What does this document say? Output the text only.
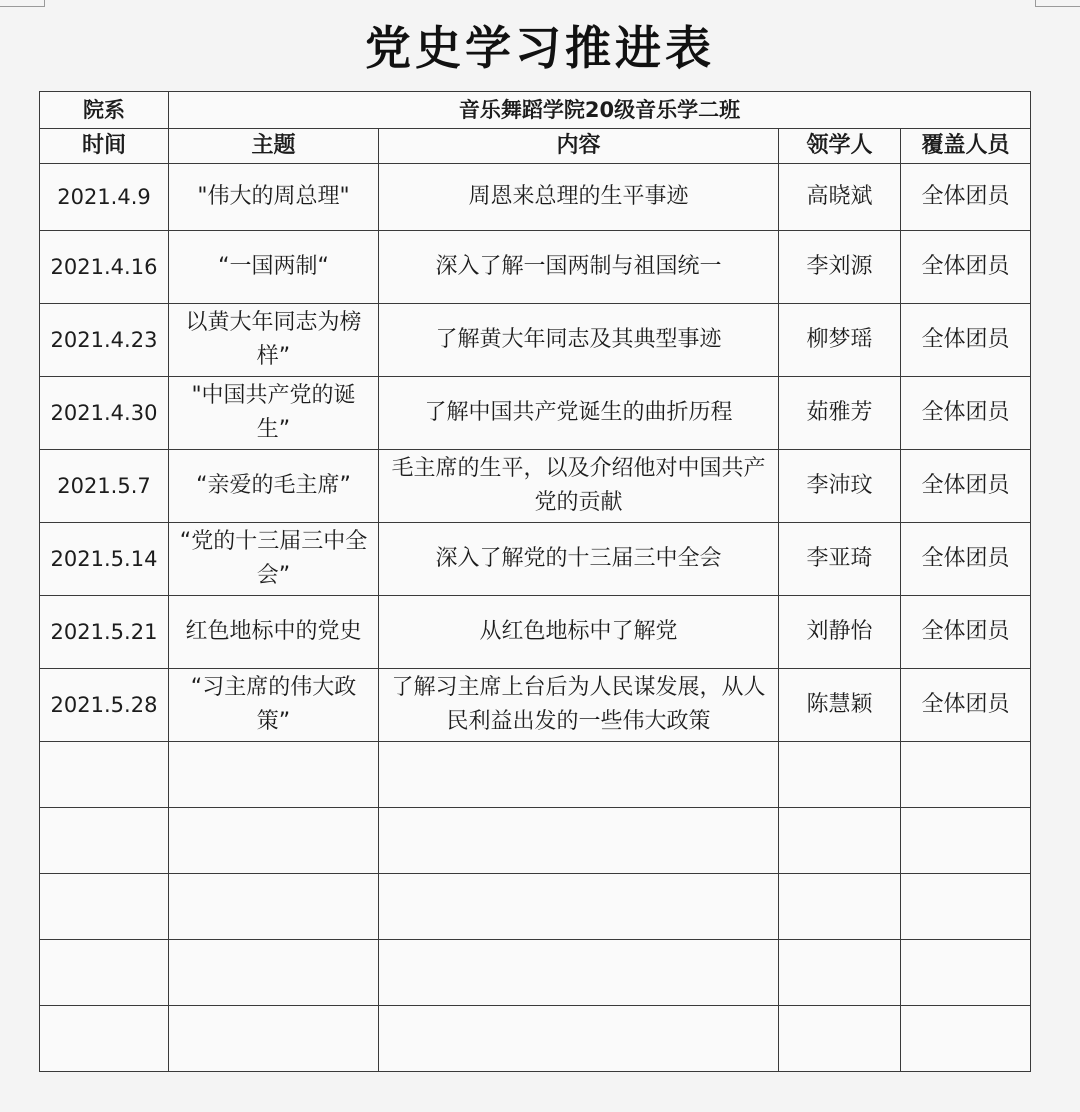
党史学习推进表
院系	音乐舞蹈学院20级音乐学二班			
时间	主题	内容	领学人	覆盖人员
2021.4.9	"伟大的周总理"	周恩来总理的生平事迹	高晓斌	全体团员
2021.4.16	“一国两制“	深入了解一国两制与祖国统一	李刘源	全体团员
2021.4.23	以黄大年同志为榜样”	了解黄大年同志及其典型事迹	柳梦瑶	全体团员
2021.4.30	"中国共产党的诞生”	了解中国共产党诞生的曲折历程	茹雅芳	全体团员
2021.5.7	“亲爱的毛主席”	毛主席的生平，以及介绍他对中国共产党的贡献	李沛玟	全体团员
2021.5.14	“党的十三届三中全会”	深入了解党的十三届三中全会	李亚琦	全体团员
2021.5.21	红色地标中的党史	从红色地标中了解党	刘静怡	全体团员
2021.5.28	“习主席的伟大政策”	了解习主席上台后为人民谋发展，从人民利益出发的一些伟大政策	陈慧颖	全体团员
